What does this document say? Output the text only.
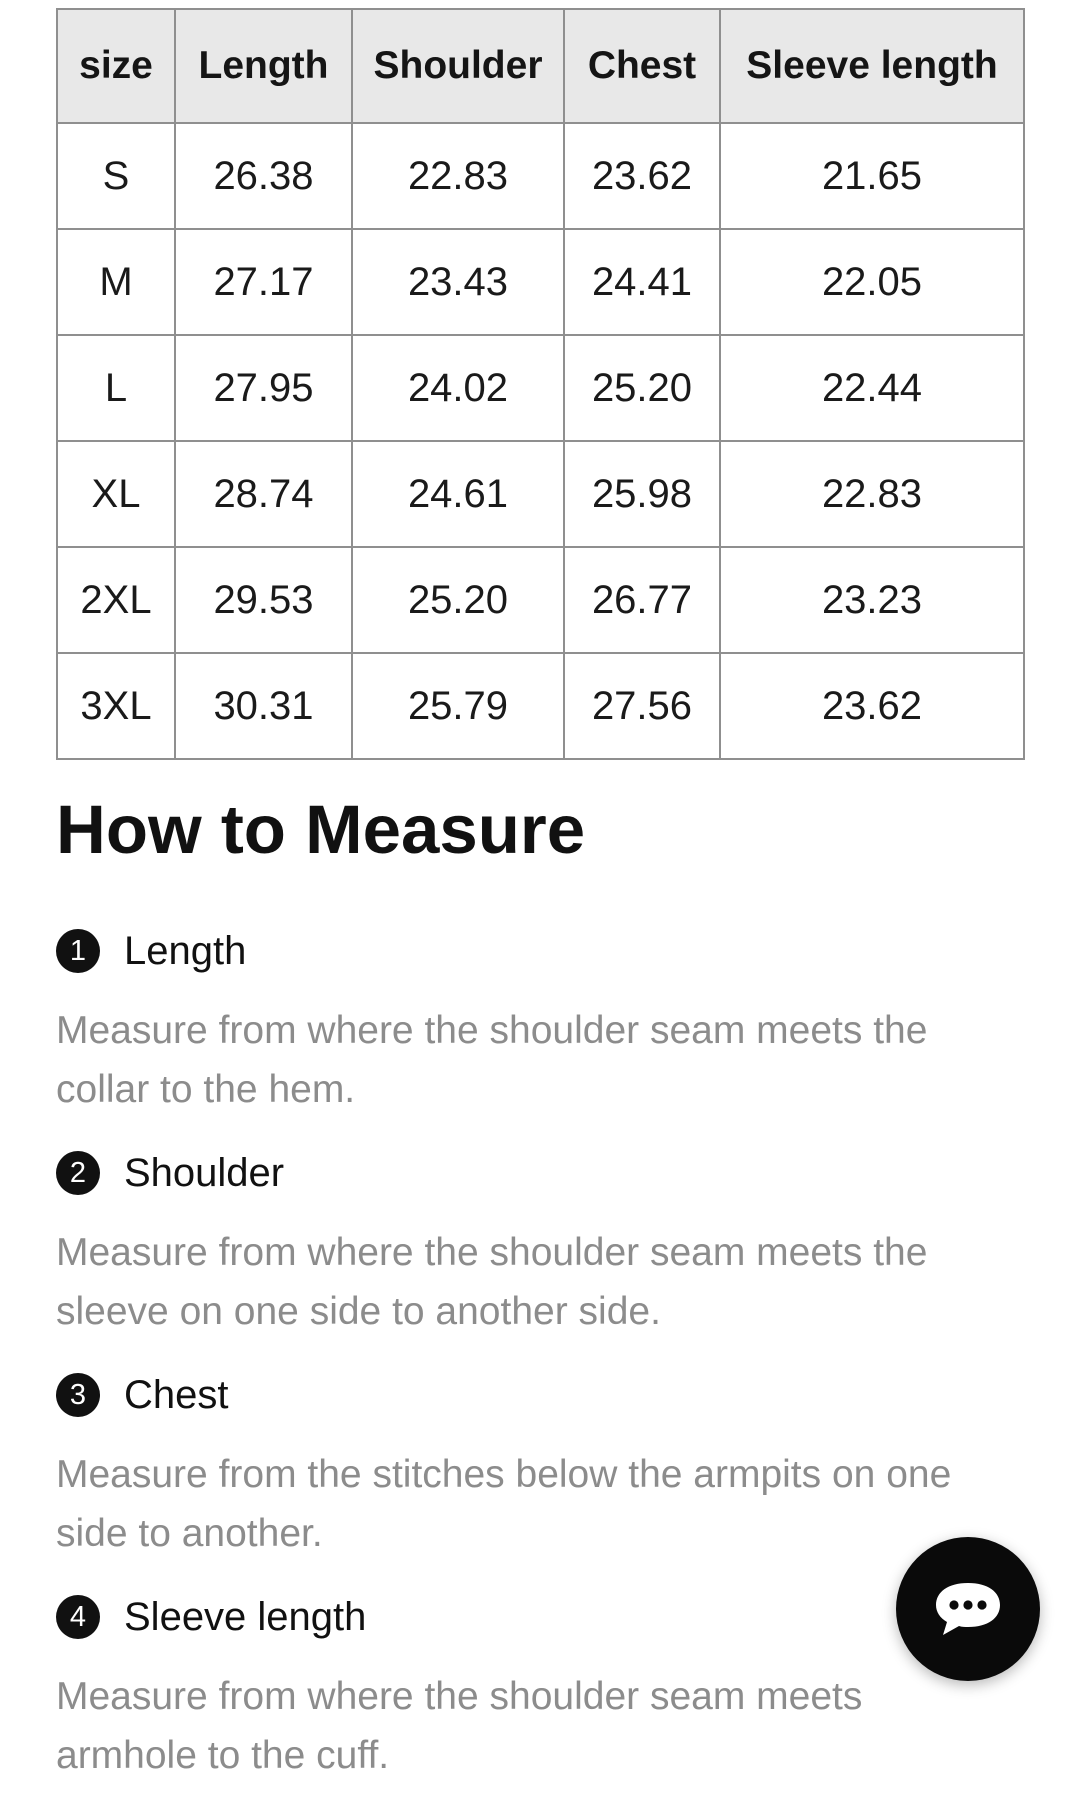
size	Length	Shoulder	Chest	Sleeve length
S	26.38	22.83	23.62	21.65
M	27.17	23.43	24.41	22.05
L	27.95	24.02	25.20	22.44
XL	28.74	24.61	25.98	22.83
2XL	29.53	25.20	26.77	23.23
3XL	30.31	25.79	27.56	23.62
How to Measure
1 Length

Measure from where the shoulder seam meets the collar to the hem.

2 Shoulder

Measure from where the shoulder seam meets the sleeve on one side to another side.

3 Chest

Measure from the stitches below the armpits on one side to another.

4 Sleeve length

Measure from where the shoulder seam meets armhole to the cuff.
